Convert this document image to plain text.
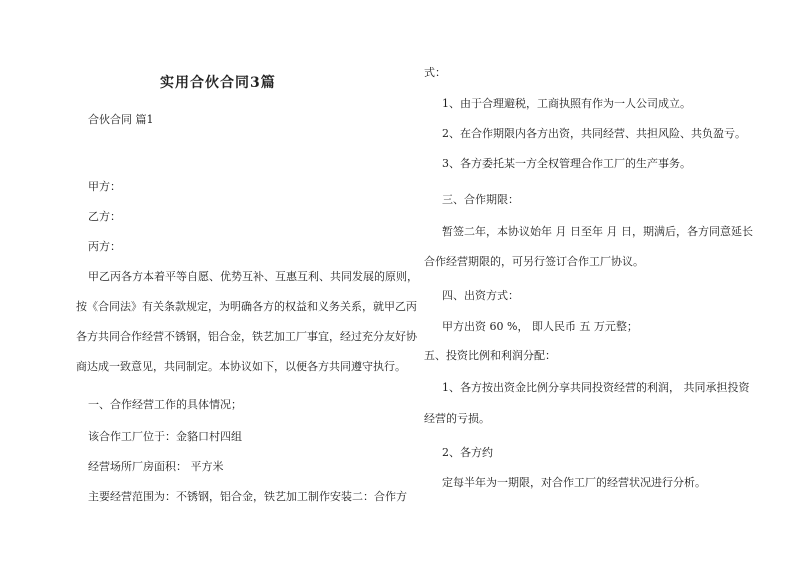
实用合伙合同3篇
合伙合同 篇1
甲方：
乙方：
丙方：
甲乙丙各方本着平等自愿、优势互补、互惠互利、共同发展的原则，
按《合同法》有关条款规定，为明确各方的权益和义务关系，就甲乙丙
各方共同合作经营不锈钢，铝合金，铁艺加工厂事宜，经过充分友好协
商达成一致意见，共同制定。本协议如下，以便各方共同遵守执行。
一、合作经营工作的具体情况；
该合作工厂位于：金貉口村四组
经营场所厂房面积： 平方米
主要经营范围为：不锈钢，铝合金，铁艺加工制作安装二：合作方
式：
1、由于合理避税，工商执照有作为一人公司成立。
2、在合作期限内各方出资，共同经营、共担风险、共负盈亏。
3、各方委托某一方全权管理合作工厂的生产事务。
三、合作期限：
暂签二年，本协议始年 月 日至年 月 日，期满后，各方同意延长
合作经营期限的，可另行签订合作工厂协议。
四、出资方式：
甲方出资 60 %， 即人民币 五 万元整；
五、投资比例和利润分配：
1、各方按出资金比例分享共同投资经营的利润， 共同承担投资
经营的亏损。
2、各方约
定每半年为一期限，对合作工厂的经营状况进行分析。
